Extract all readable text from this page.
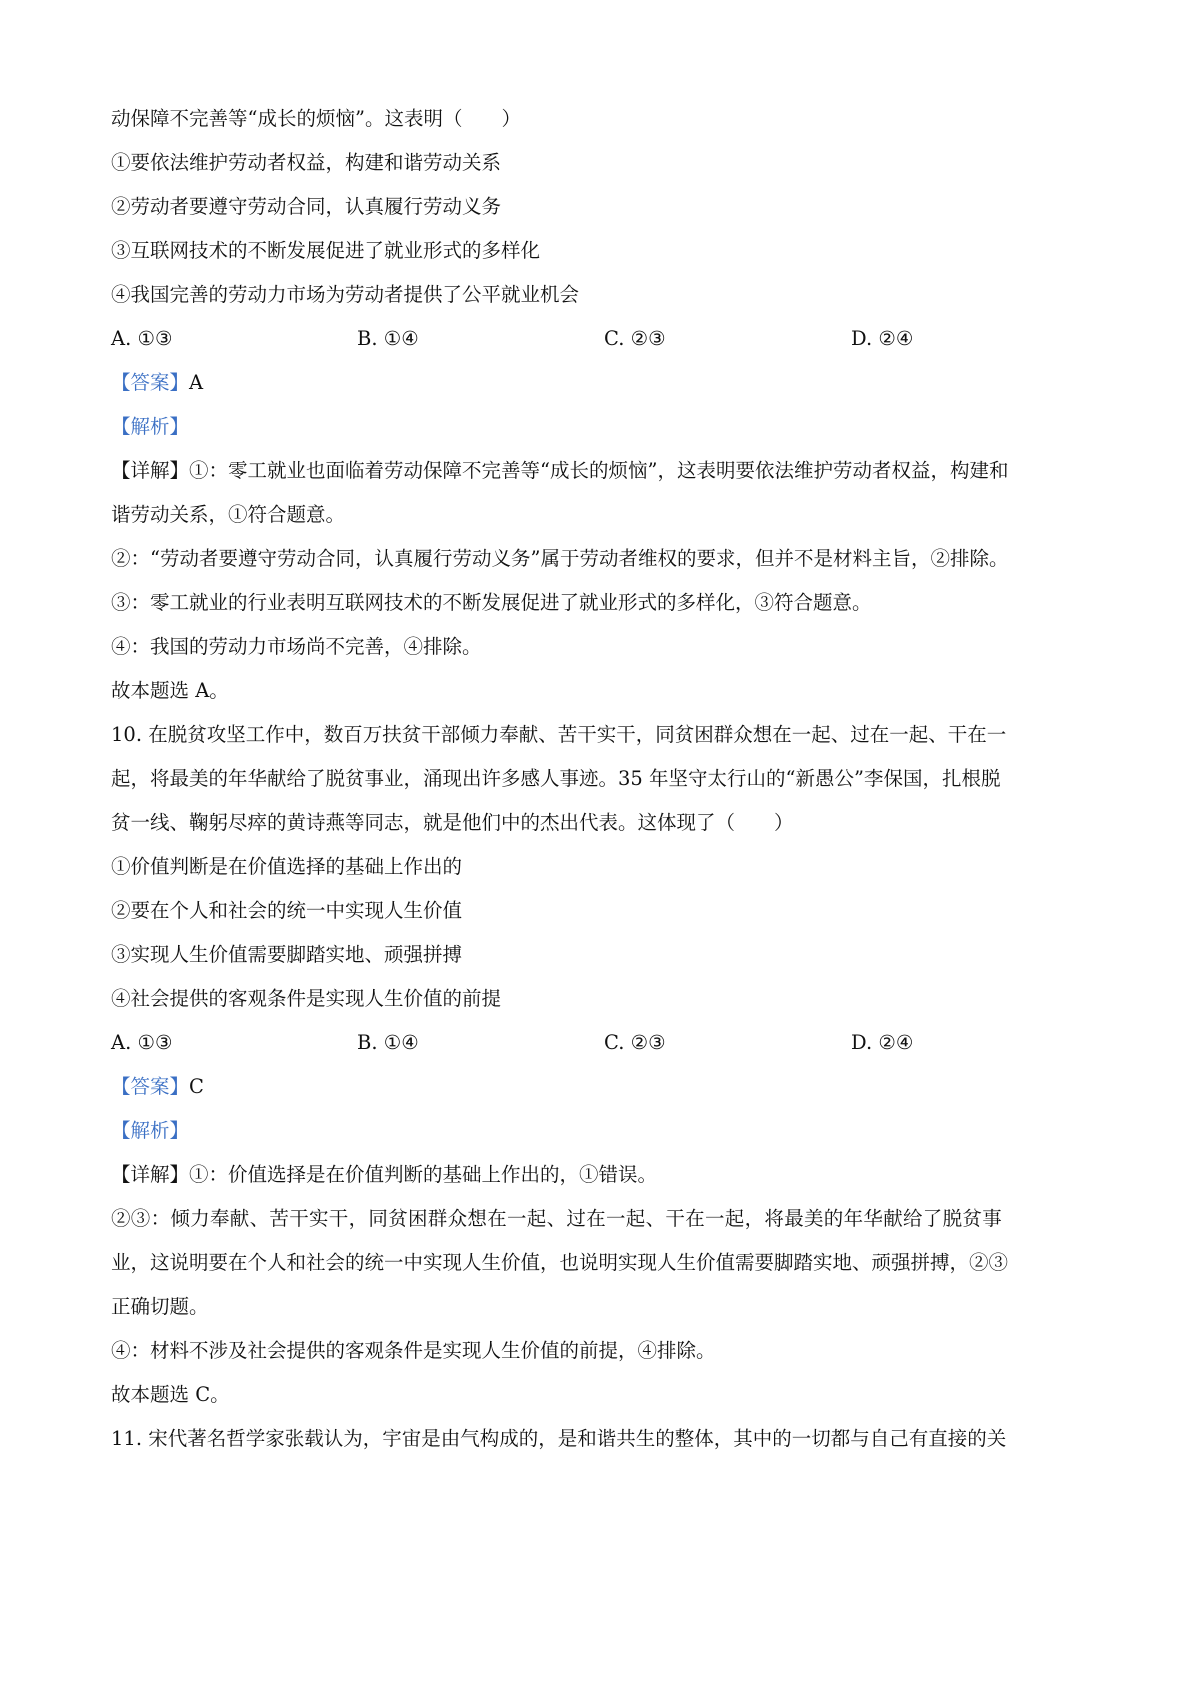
动保障不完善等“成长的烦恼”。这表明（　　）
①要依法维护劳动者权益，构建和谐劳动关系
②劳动者要遵守劳动合同，认真履行劳动义务
③互联网技术的不断发展促进了就业形式的多样化
④我国完善的劳动力市场为劳动者提供了公平就业机会
A. ①③	B. ①④	C. ②③	D. ②④
【答案】A
【解析】
【详解】①：零工就业也面临着劳动保障不完善等“成长的烦恼”，这表明要依法维护劳动者权益，构建和
谐劳动关系，①符合题意。
②：“劳动者要遵守劳动合同，认真履行劳动义务”属于劳动者维权的要求，但并不是材料主旨，②排除。
③：零工就业的行业表明互联网技术的不断发展促进了就业形式的多样化，③符合题意。
④：我国的劳动力市场尚不完善，④排除。
故本题选 A。
10. 在脱贫攻坚工作中，数百万扶贫干部倾力奉献、苦干实干，同贫困群众想在一起、过在一起、干在一
起，将最美的年华献给了脱贫事业，涌现出许多感人事迹。35 年坚守太行山的“新愚公”李保国，扎根脱
贫一线、鞠躬尽瘁的黄诗燕等同志，就是他们中的杰出代表。这体现了（　　）
①价值判断是在价值选择的基础上作出的
②要在个人和社会的统一中实现人生价值
③实现人生价值需要脚踏实地、顽强拼搏
④社会提供的客观条件是实现人生价值的前提
A. ①③	B. ①④	C. ②③	D. ②④
【答案】C
【解析】
【详解】①：价值选择是在价值判断的基础上作出的，①错误。
②③：倾力奉献、苦干实干，同贫困群众想在一起、过在一起、干在一起，将最美的年华献给了脱贫事
业，这说明要在个人和社会的统一中实现人生价值，也说明实现人生价值需要脚踏实地、顽强拼搏，②③
正确切题。
④：材料不涉及社会提供的客观条件是实现人生价值的前提，④排除。
故本题选 C。
11. 宋代著名哲学家张载认为，宇宙是由气构成的，是和谐共生的整体，其中的一切都与自己有直接的关
